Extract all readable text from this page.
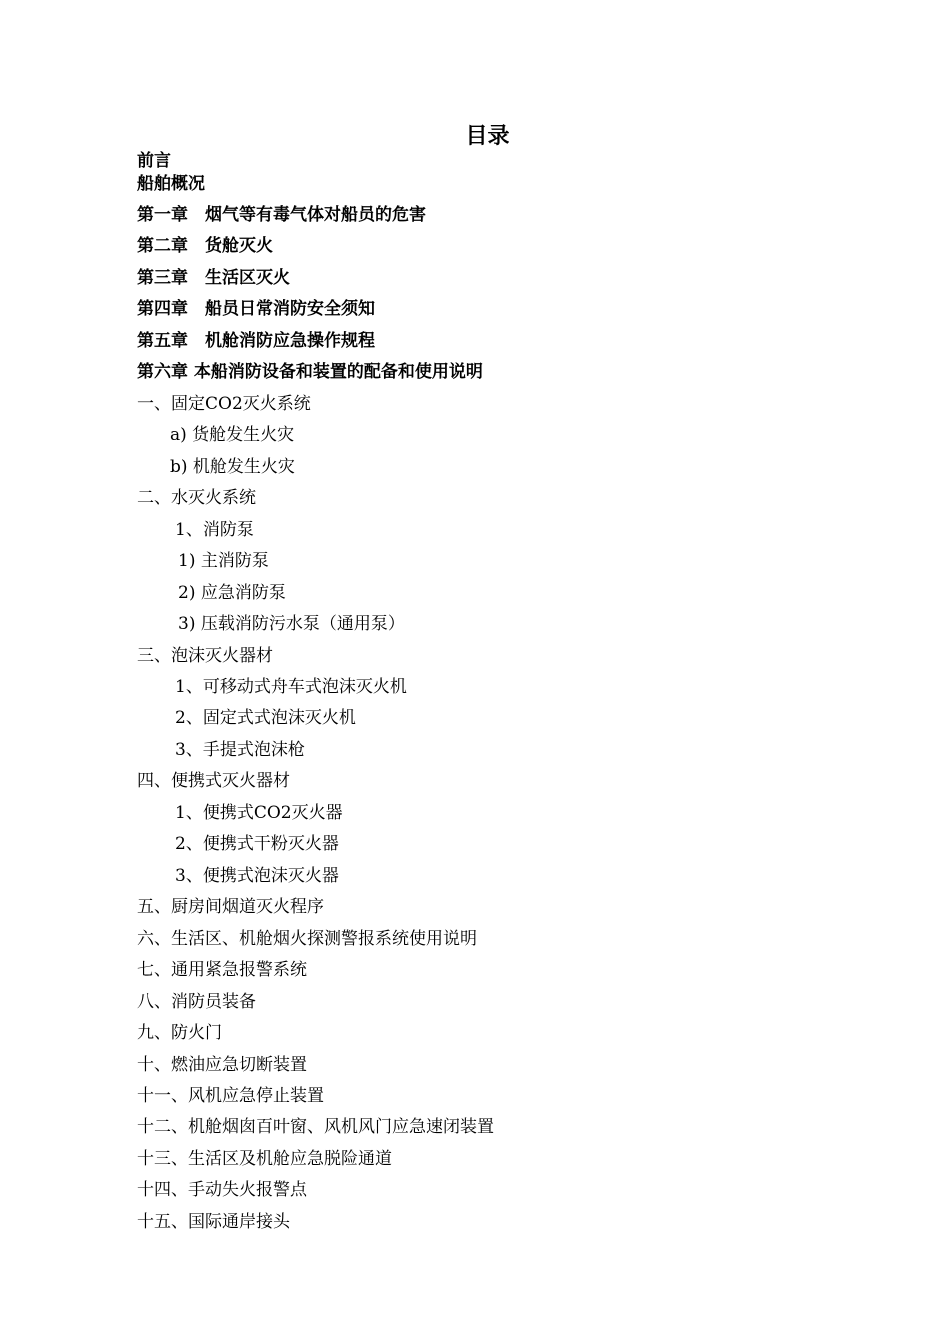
目录
前言
船舶概况
第一章　烟气等有毒气体对船员的危害
第二章　货舱灭火
第三章　生活区灭火
第四章　船员日常消防安全须知
第五章　机舱消防应急操作规程
第六章 本船消防设备和装置的配备和使用说明
一、固定CO2灭火系统
a) 货舱发生火灾
b) 机舱发生火灾
二、水灭火系统
1、消防泵
1) 主消防泵
2) 应急消防泵
3) 压载消防污水泵（通用泵）
三、泡沫灭火器材
1、可移动式舟车式泡沫灭火机
2、固定式式泡沫灭火机
3、手提式泡沫枪
四、便携式灭火器材
1、便携式CO2灭火器
2、便携式干粉灭火器
3、便携式泡沫灭火器
五、厨房间烟道灭火程序
六、生活区、机舱烟火探测警报系统使用说明
七、通用紧急报警系统
八、消防员装备
九、防火门
十、燃油应急切断装置
十一、风机应急停止装置
十二、机舱烟囱百叶窗、风机风门应急速闭装置
十三、生活区及机舱应急脱险通道
十四、手动失火报警点
十五、国际通岸接头
